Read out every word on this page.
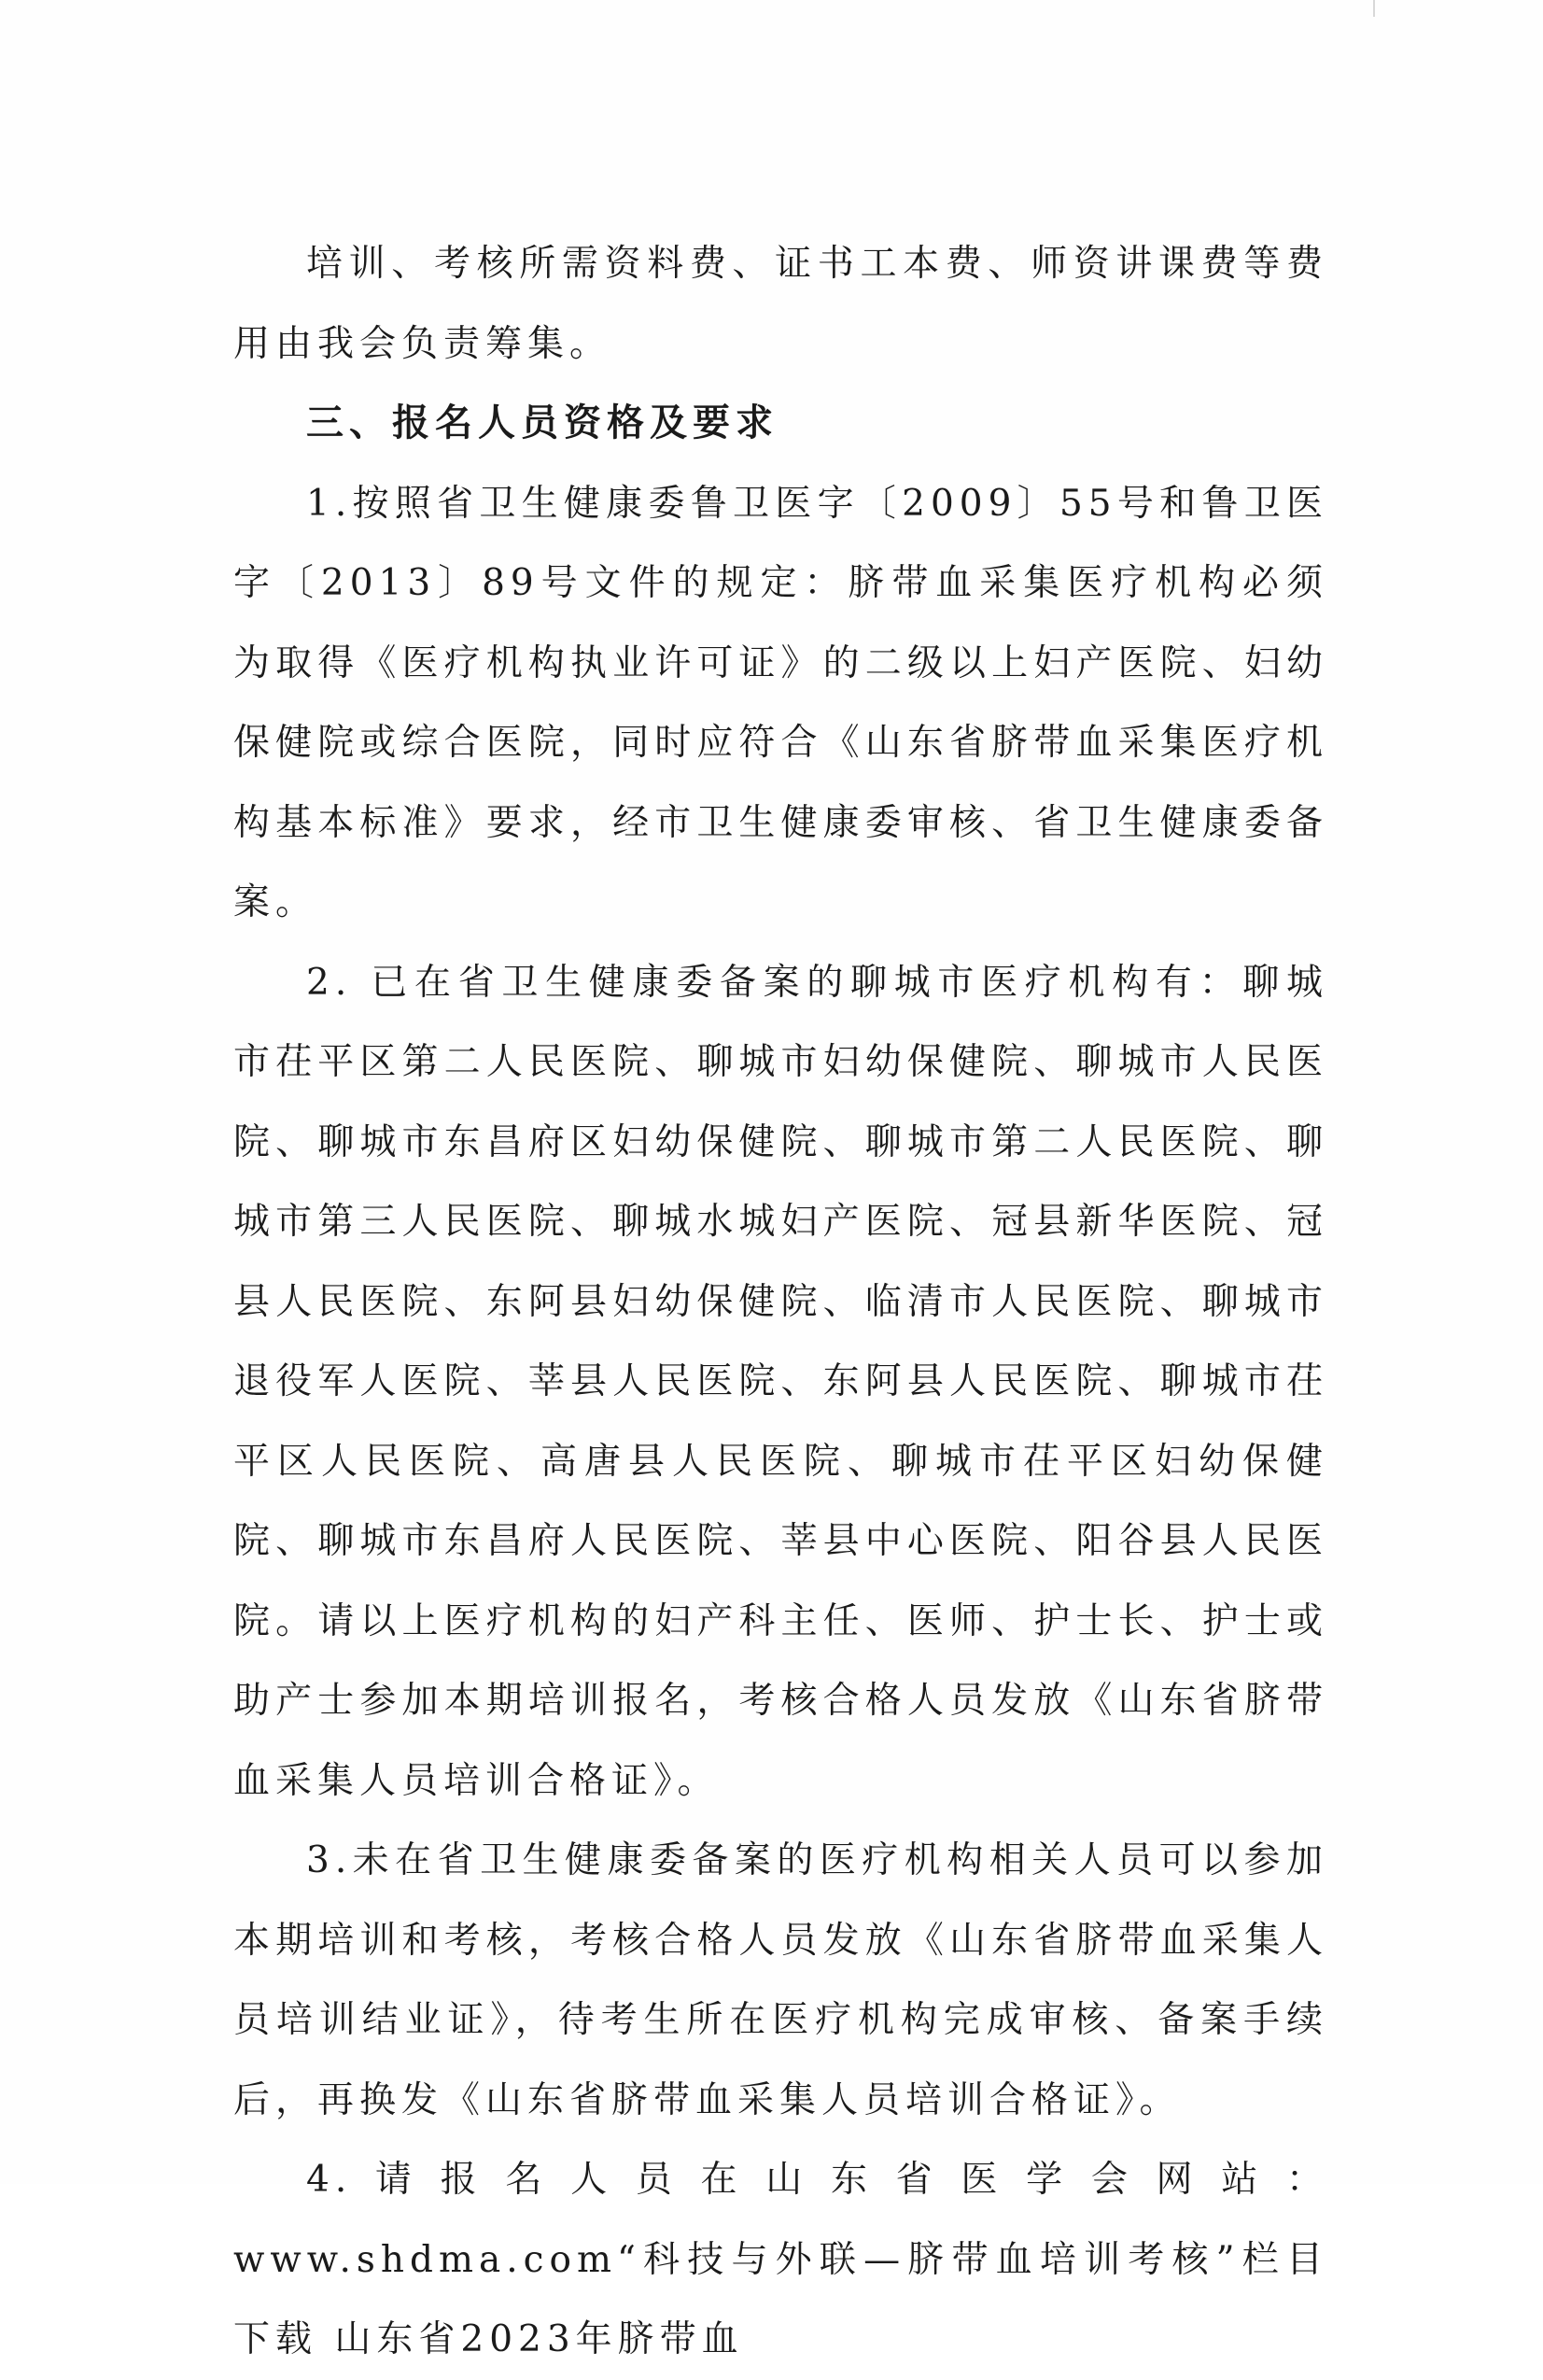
培训、考核所需资料费、证书工本费、师资讲课费等费用由我会负责筹集。

三、报名人员资格及要求

1.按照省卫生健康委鲁卫医字〔2009〕55号和鲁卫医字〔2013〕89号文件的规定：脐带血采集医疗机构必须为取得《医疗机构执业许可证》的二级以上妇产医院、妇幼保健院或综合医院，同时应符合《山东省脐带血采集医疗机构基本标准》要求，经市卫生健康委审核、省卫生健康委备案。

2. 已在省卫生健康委备案的聊城市医疗机构有：聊城市茌平区第二人民医院、聊城市妇幼保健院、聊城市人民医院、聊城市东昌府区妇幼保健院、聊城市第二人民医院、聊城市第三人民医院、聊城水城妇产医院、冠县新华医院、冠县人民医院、东阿县妇幼保健院、临清市人民医院、聊城市退役军人医院、莘县人民医院、东阿县人民医院、聊城市茌平区人民医院、高唐县人民医院、聊城市茌平区妇幼保健院、聊城市东昌府人民医院、莘县中心医院、阳谷县人民医院。请以上医疗机构的妇产科主任、医师、护士长、护士或助产士参加本期培训报名，考核合格人员发放《山东省脐带血采集人员培训合格证》。

3.未在省卫生健康委备案的医疗机构相关人员可以参加本期培训和考核，考核合格人员发放《山东省脐带血采集人员培训结业证》，待考生所在医疗机构完成审核、备案手续后，再换发《山东省脐带血采集人员培训合格证》。

4.请报名人员在山东省医学会网站：www.shdma.com“科技与外联—脐带血培训考核”栏目下载 山东省2023年脐带血
